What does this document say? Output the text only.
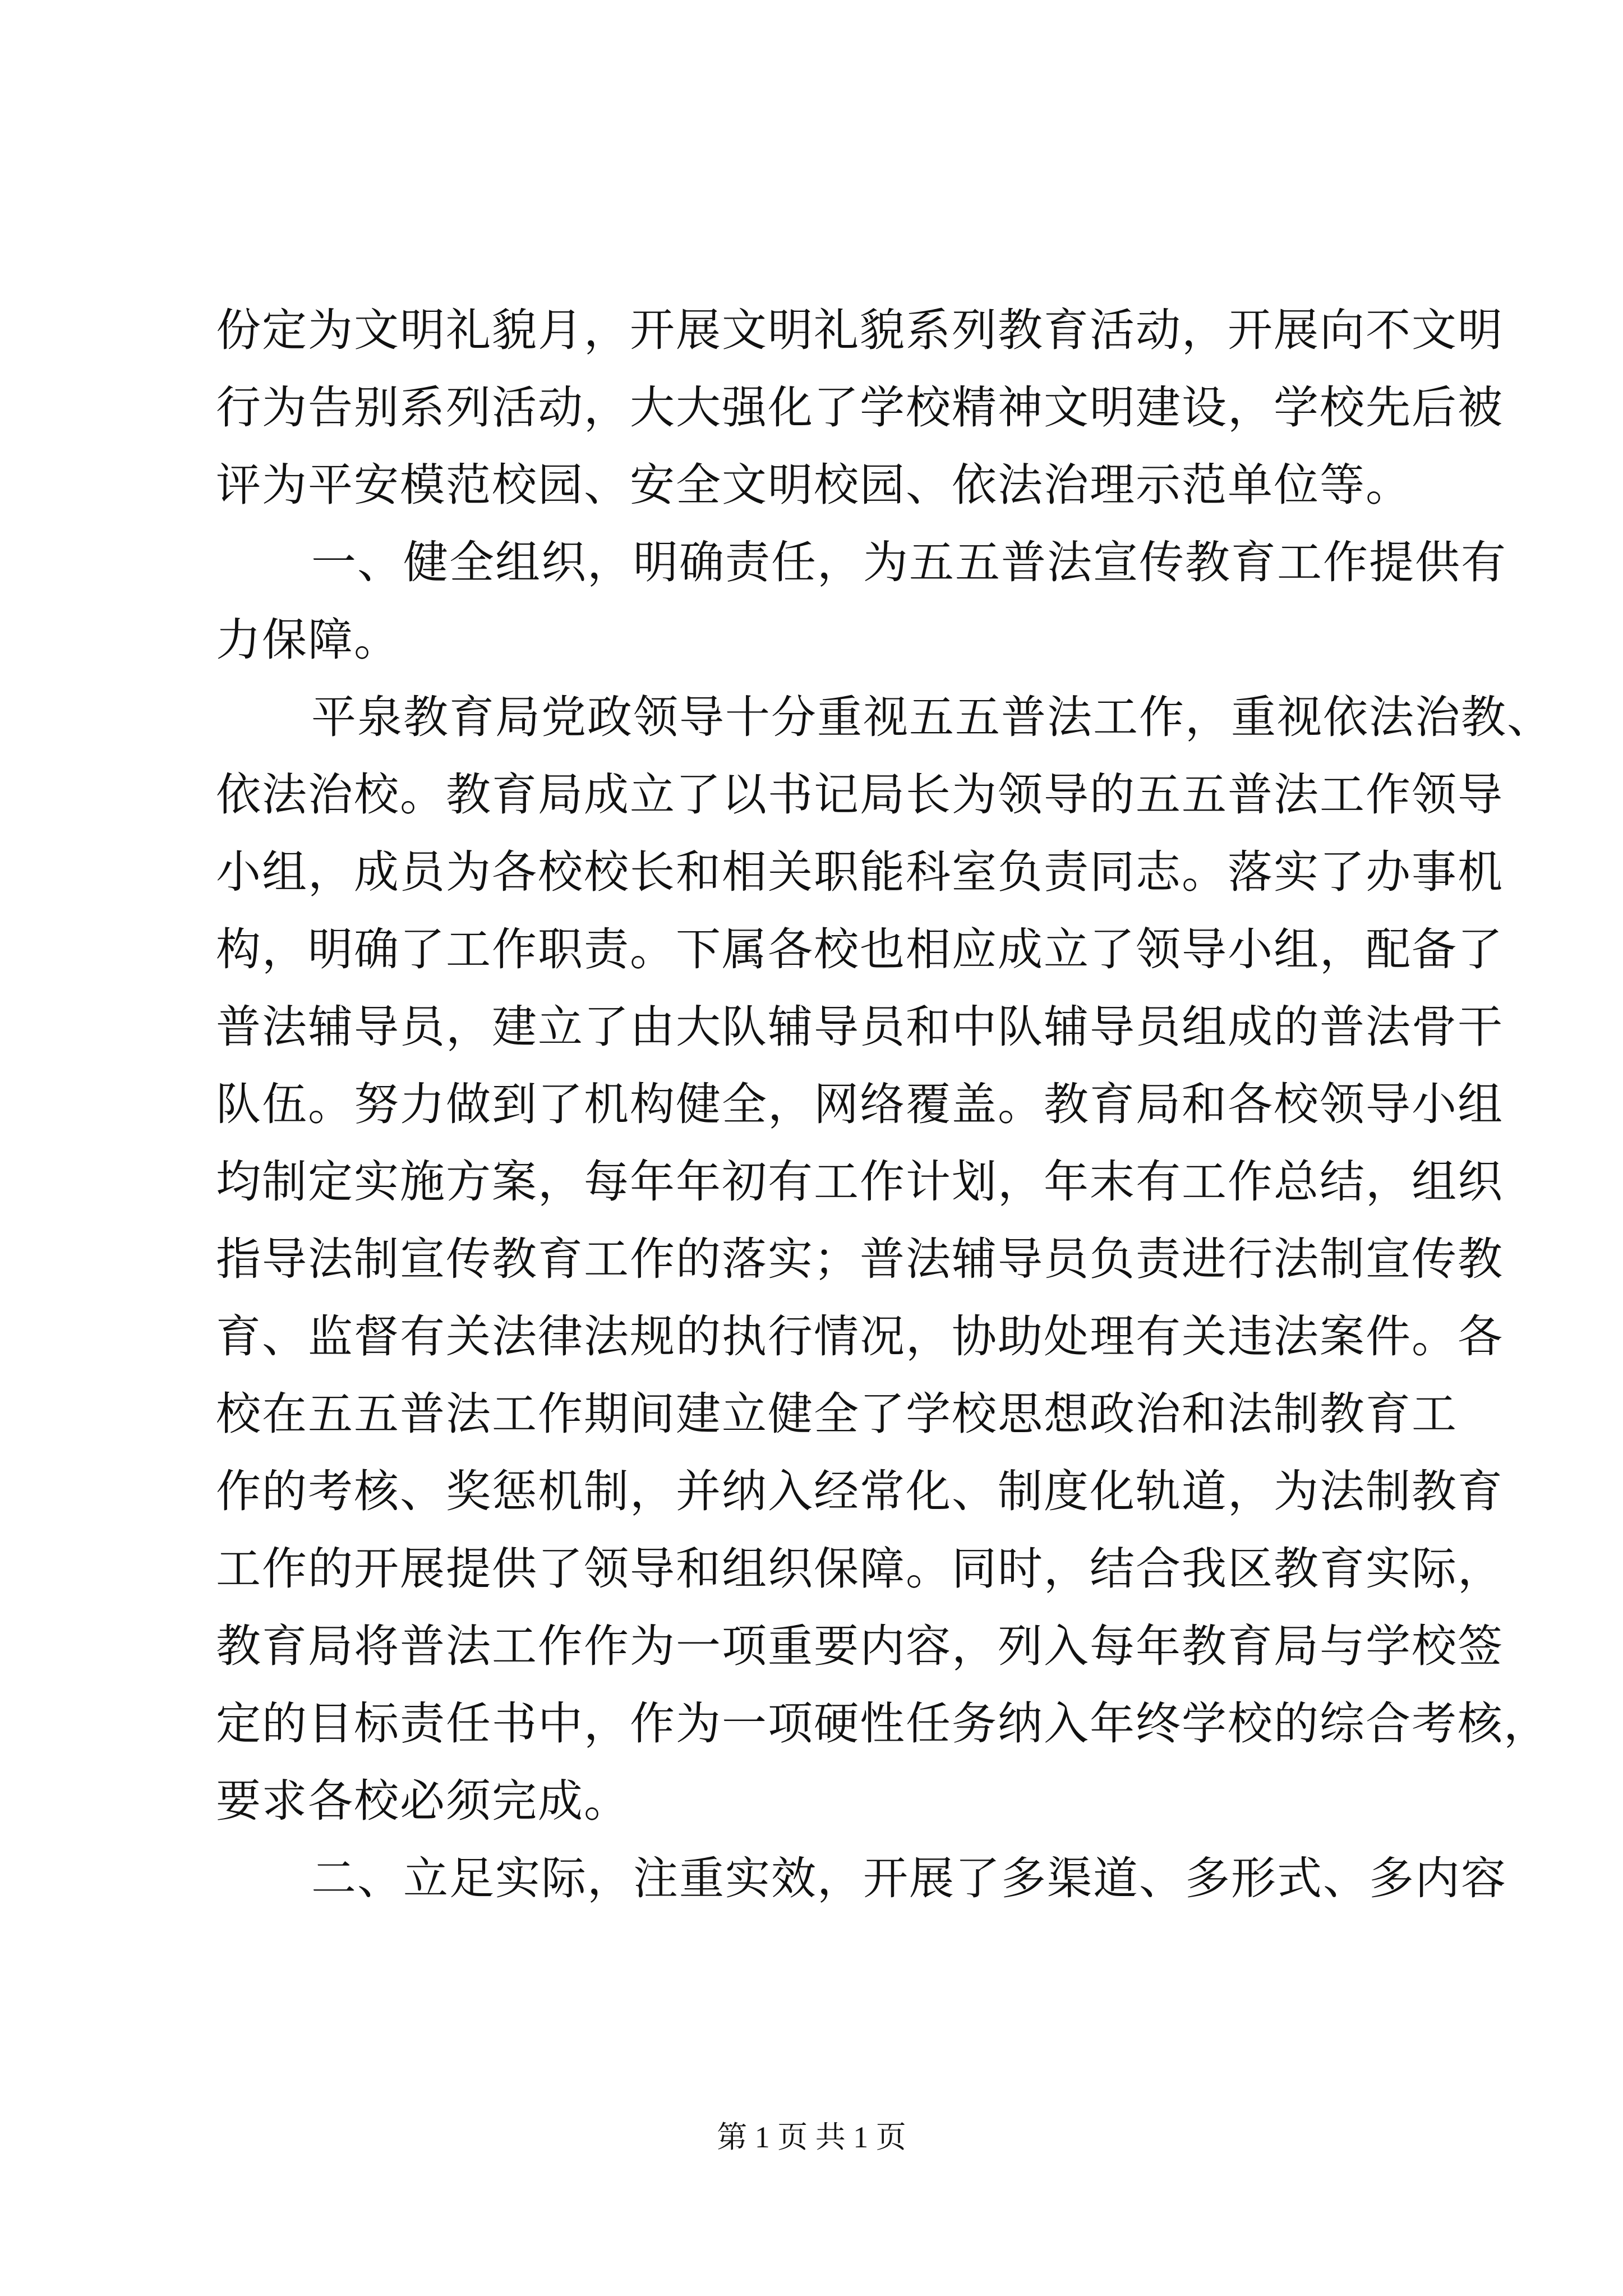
份定为文明礼貌月，开展文明礼貌系列教育活动，开展向不文明
行为告别系列活动，大大强化了学校精神文明建设，学校先后被
评为平安模范校园、安全文明校园、依法治理示范单位等。
一、健全组织，明确责任，为五五普法宣传教育工作提供有
力保障。
平泉教育局党政领导十分重视五五普法工作，重视依法治教、
依法治校。教育局成立了以书记局长为领导的五五普法工作领导
小组，成员为各校校长和相关职能科室负责同志。落实了办事机
构，明确了工作职责。下属各校也相应成立了领导小组，配备了
普法辅导员，建立了由大队辅导员和中队辅导员组成的普法骨干
队伍。努力做到了机构健全，网络覆盖。教育局和各校领导小组
均制定实施方案，每年年初有工作计划，年末有工作总结，组织
指导法制宣传教育工作的落实；普法辅导员负责进行法制宣传教
育、监督有关法律法规的执行情况，协助处理有关违法案件。各
校在五五普法工作期间建立健全了学校思想政治和法制教育工
作的考核、奖惩机制，并纳入经常化、制度化轨道，为法制教育
工作的开展提供了领导和组织保障。同时，结合我区教育实际，
教育局将普法工作作为一项重要内容，列入每年教育局与学校签
定的目标责任书中，作为一项硬性任务纳入年终学校的综合考核，
要求各校必须完成。
二、立足实际，注重实效，开展了多渠道、多形式、多内容
第 1 页 共 1 页
